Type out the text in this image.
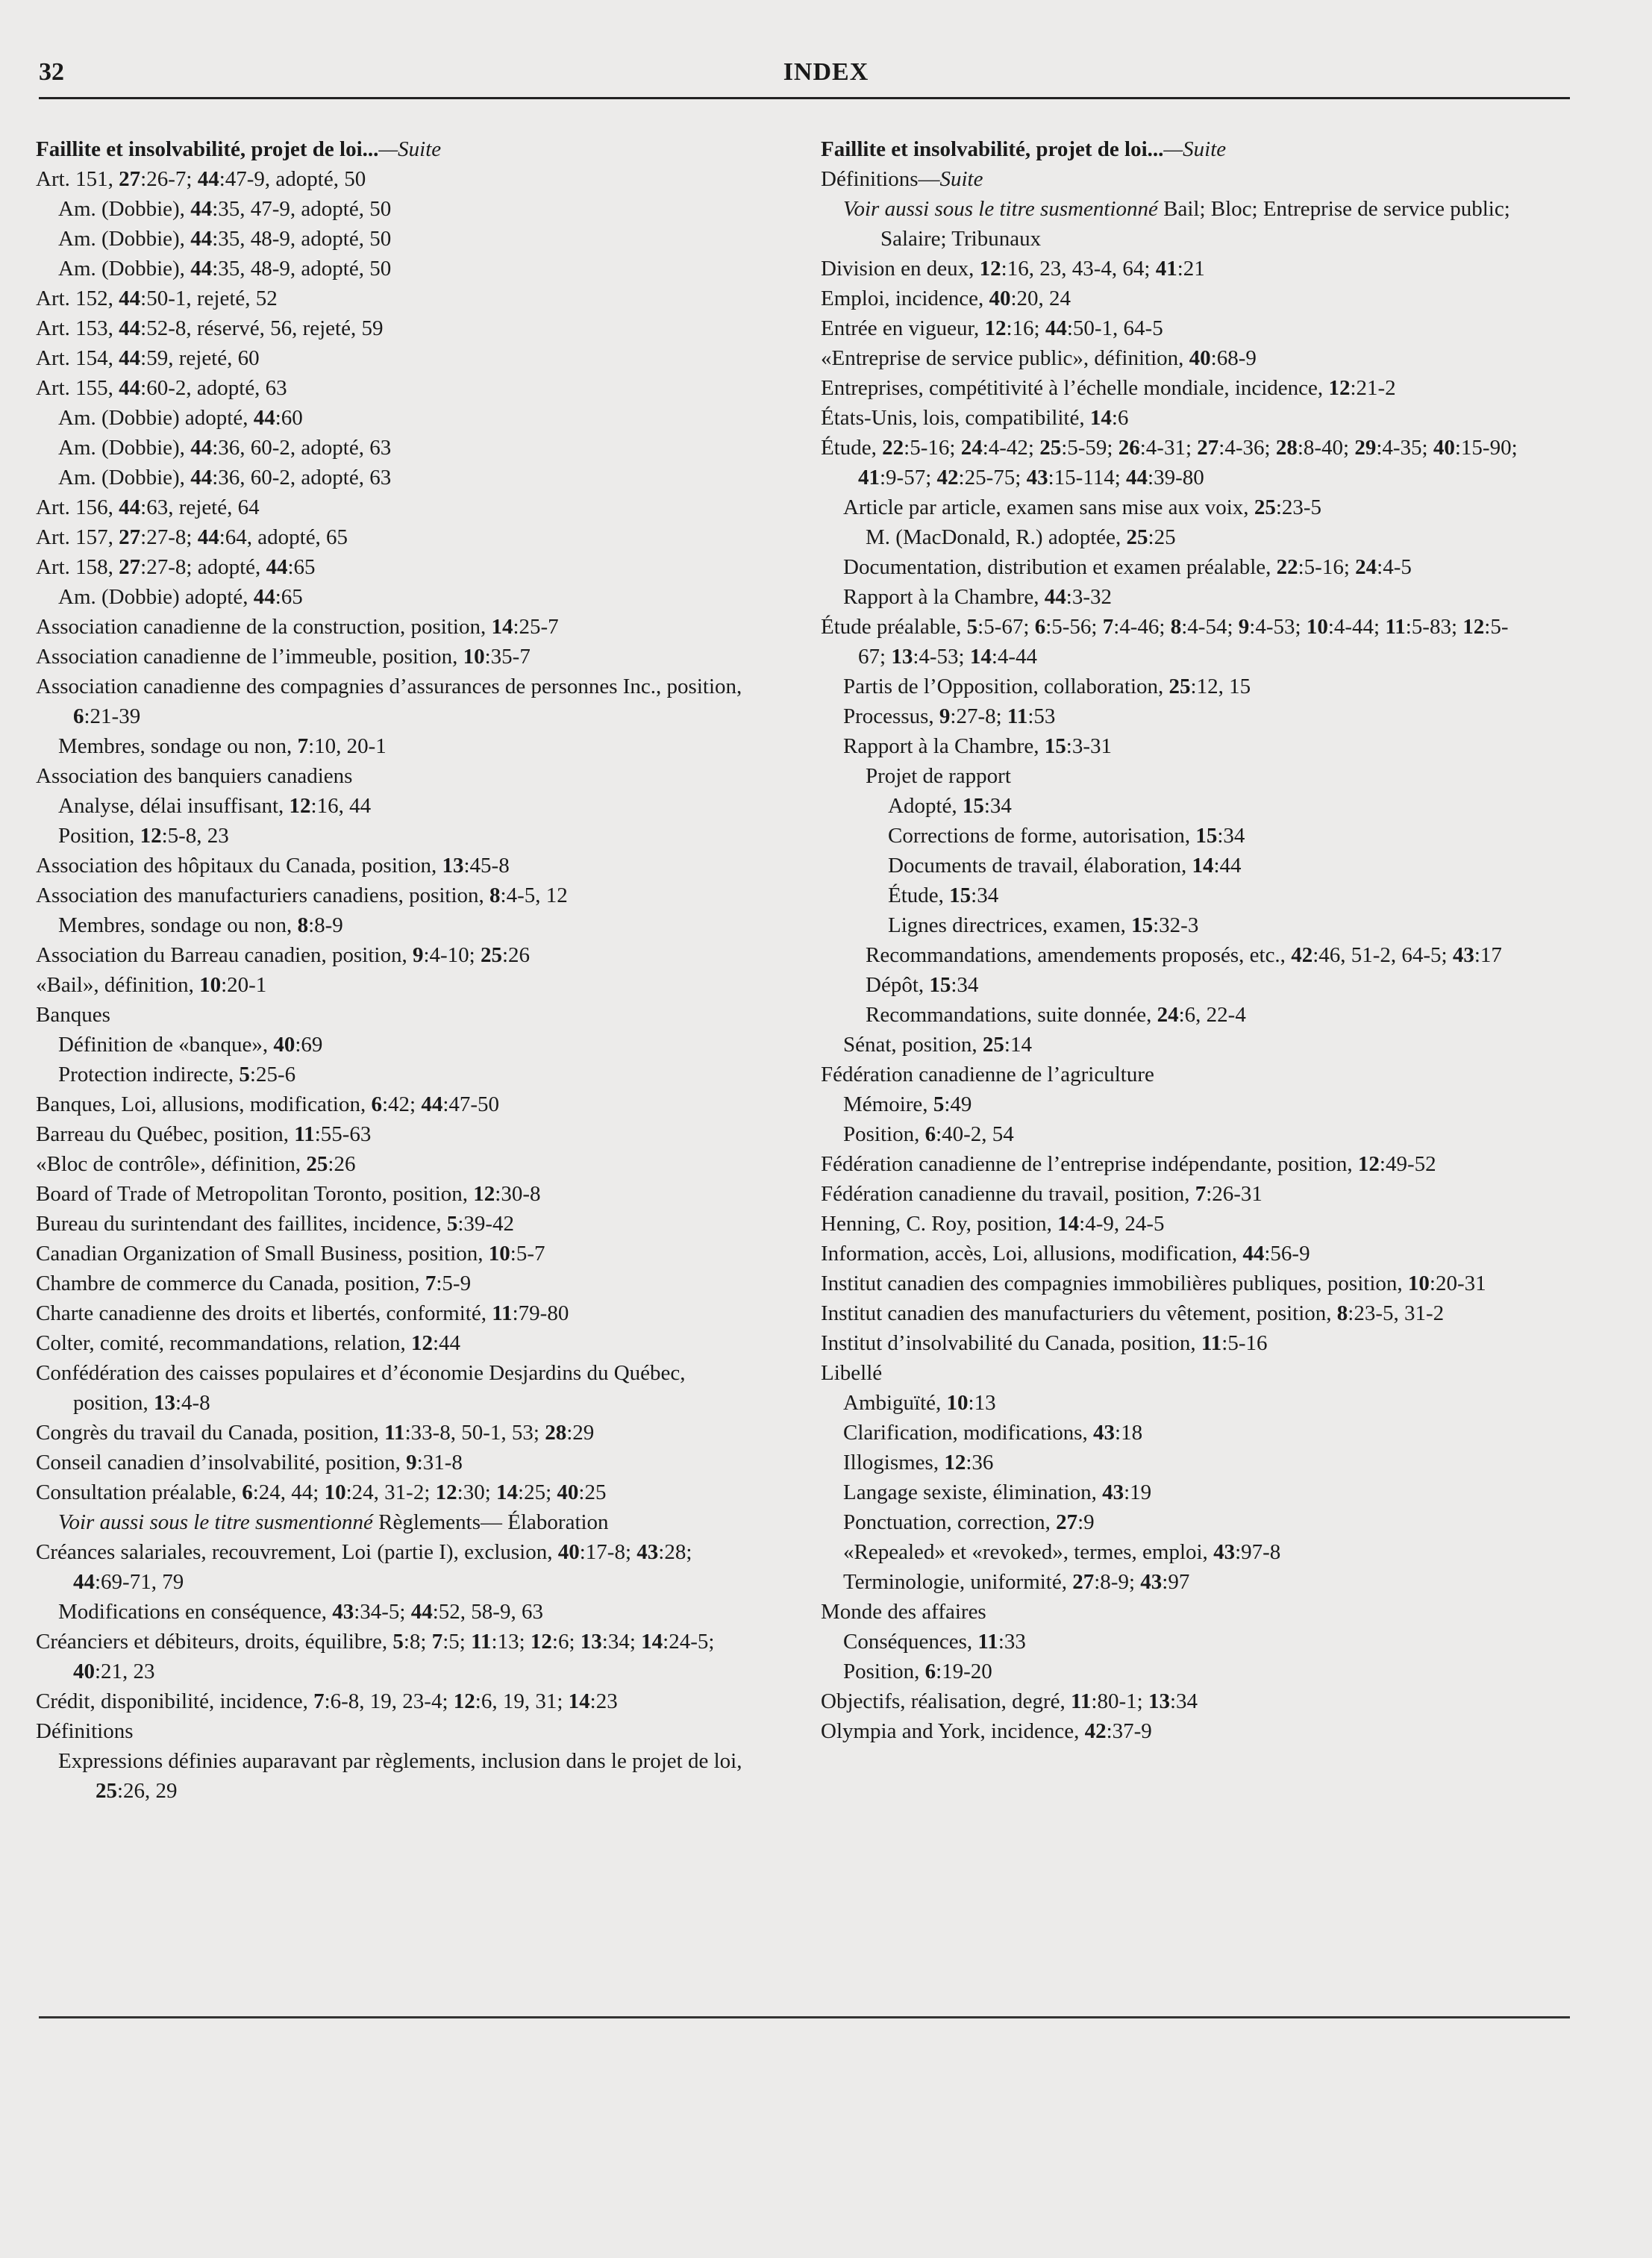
32	INDEX
Faillite et insolvabilité, projet de loi...—Suite
Art. 151, 27:26-7; 44:47-9, adopté, 50
Am. (Dobbie), 44:35, 47-9, adopté, 50
Am. (Dobbie), 44:35, 48-9, adopté, 50
Am. (Dobbie), 44:35, 48-9, adopté, 50
Art. 152, 44:50-1, rejeté, 52
Art. 153, 44:52-8, réservé, 56, rejeté, 59
Art. 154, 44:59, rejeté, 60
Art. 155, 44:60-2, adopté, 63
Am. (Dobbie) adopté, 44:60
Am. (Dobbie), 44:36, 60-2, adopté, 63
Am. (Dobbie), 44:36, 60-2, adopté, 63
Art. 156, 44:63, rejeté, 64
Art. 157, 27:27-8; 44:64, adopté, 65
Art. 158, 27:27-8; adopté, 44:65
Am. (Dobbie) adopté, 44:65
Association canadienne de la construction, position, 14:25-7
Association canadienne de l’immeuble, position, 10:35-7
Association canadienne des compagnies d’assurances de personnes Inc., position, 6:21-39
Membres, sondage ou non, 7:10, 20-1
Association des banquiers canadiens
Analyse, délai insuffisant, 12:16, 44
Position, 12:5-8, 23
Association des hôpitaux du Canada, position, 13:45-8
Association des manufacturiers canadiens, position, 8:4-5, 12
Membres, sondage ou non, 8:8-9
Association du Barreau canadien, position, 9:4-10; 25:26
«Bail», définition, 10:20-1
Banques
Définition de «banque», 40:69
Protection indirecte, 5:25-6
Banques, Loi, allusions, modification, 6:42; 44:47-50
Barreau du Québec, position, 11:55-63
«Bloc de contrôle», définition, 25:26
Board of Trade of Metropolitan Toronto, position, 12:30-8
Bureau du surintendant des faillites, incidence, 5:39-42
Canadian Organization of Small Business, position, 10:5-7
Chambre de commerce du Canada, position, 7:5-9
Charte canadienne des droits et libertés, conformité, 11:79-80
Colter, comité, recommandations, relation, 12:44
Confédération des caisses populaires et d’économie Desjardins du Québec, position, 13:4-8
Congrès du travail du Canada, position, 11:33-8, 50-1, 53; 28:29
Conseil canadien d’insolvabilité, position, 9:31-8
Consultation préalable, 6:24, 44; 10:24, 31-2; 12:30; 14:25; 40:25
Voir aussi sous le titre susmentionné Règlements— Élaboration
Créances salariales, recouvrement, Loi (partie I), exclusion, 40:17-8; 43:28; 44:69-71, 79
Modifications en conséquence, 43:34-5; 44:52, 58-9, 63
Créanciers et débiteurs, droits, équilibre, 5:8; 7:5; 11:13; 12:6; 13:34; 14:24-5; 40:21, 23
Crédit, disponibilité, incidence, 7:6-8, 19, 23-4; 12:6, 19, 31; 14:23
Définitions
Expressions définies auparavant par règlements, inclusion dans le projet de loi, 25:26, 29
Faillite et insolvabilité, projet de loi...—Suite
Définitions—Suite
Voir aussi sous le titre susmentionné Bail; Bloc; Entreprise de service public; Salaire; Tribunaux
Division en deux, 12:16, 23, 43-4, 64; 41:21
Emploi, incidence, 40:20, 24
Entrée en vigueur, 12:16; 44:50-1, 64-5
«Entreprise de service public», définition, 40:68-9
Entreprises, compétitivité à l’échelle mondiale, incidence, 12:21-2
États-Unis, lois, compatibilité, 14:6
Étude, 22:5-16; 24:4-42; 25:5-59; 26:4-31; 27:4-36; 28:8-40; 29:4-35; 40:15-90; 41:9-57; 42:25-75; 43:15-114; 44:39-80
Article par article, examen sans mise aux voix, 25:23-5
M. (MacDonald, R.) adoptée, 25:25
Documentation, distribution et examen préalable, 22:5-16; 24:4-5
Rapport à la Chambre, 44:3-32
Étude préalable, 5:5-67; 6:5-56; 7:4-46; 8:4-54; 9:4-53; 10:4-44; 11:5-83; 12:5-67; 13:4-53; 14:4-44
Partis de l’Opposition, collaboration, 25:12, 15
Processus, 9:27-8; 11:53
Rapport à la Chambre, 15:3-31
Projet de rapport
Adopté, 15:34
Corrections de forme, autorisation, 15:34
Documents de travail, élaboration, 14:44
Étude, 15:34
Lignes directrices, examen, 15:32-3
Recommandations, amendements proposés, etc., 42:46, 51-2, 64-5; 43:17
Dépôt, 15:34
Recommandations, suite donnée, 24:6, 22-4
Sénat, position, 25:14
Fédération canadienne de l’agriculture
Mémoire, 5:49
Position, 6:40-2, 54
Fédération canadienne de l’entreprise indépendante, position, 12:49-52
Fédération canadienne du travail, position, 7:26-31
Henning, C. Roy, position, 14:4-9, 24-5
Information, accès, Loi, allusions, modification, 44:56-9
Institut canadien des compagnies immobilières publiques, position, 10:20-31
Institut canadien des manufacturiers du vêtement, position, 8:23-5, 31-2
Institut d’insolvabilité du Canada, position, 11:5-16
Libellé
Ambiguïté, 10:13
Clarification, modifications, 43:18
Illogismes, 12:36
Langage sexiste, élimination, 43:19
Ponctuation, correction, 27:9
«Repealed» et «revoked», termes, emploi, 43:97-8
Terminologie, uniformité, 27:8-9; 43:97
Monde des affaires
Conséquences, 11:33
Position, 6:19-20
Objectifs, réalisation, degré, 11:80-1; 13:34
Olympia and York, incidence, 42:37-9
